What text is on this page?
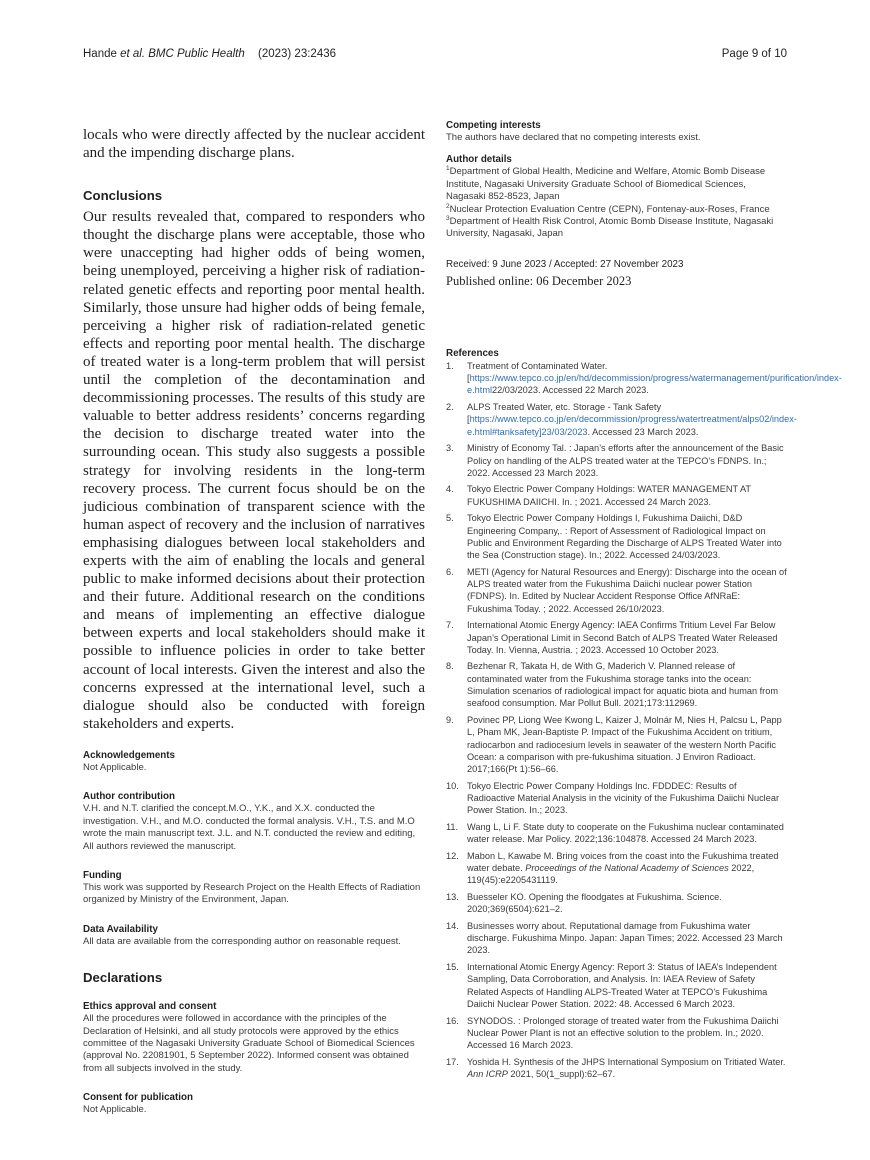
Hande et al. BMC Public Health (2023) 23:2436	Page 9 of 10

locals who were directly affected by the nuclear accident and the impending discharge plans.

Conclusions

Our results revealed that, compared to responders who thought the discharge plans were acceptable, those who were unaccepting had higher odds of being women, being unemployed, perceiving a higher risk of radiation-related genetic effects and reporting poor mental health. Similarly, those unsure had higher odds of being female, perceiving a higher risk of radiation-related genetic effects and reporting poor mental health. The discharge of treated water is a long-term problem that will persist until the completion of the decontamination and decommissioning processes. The results of this study are valuable to better address residents’ concerns regarding the decision to discharge treated water into the surrounding ocean. This study also suggests a possible strategy for involving residents in the long-term recovery process. The current focus should be on the judicious combination of transparent science with the human aspect of recovery and the inclusion of narratives emphasising dialogues between local stakeholders and experts with the aim of enabling the locals and general public to make informed decisions about their protection and their future. Additional research on the conditions and means of implementing an effective dialogue between experts and local stakeholders should make it possible to influence policies in order to take better account of local interests. Given the interest and also the concerns expressed at the international level, such a dialogue should also be conducted with foreign stakeholders and experts.

Acknowledgements
Not Applicable.
Author contribution
V.H. and N.T. clarified the concept.M.O., Y.K., and X.X. conducted the investigation. V.H., and M.O. conducted the formal analysis. V.H., T.S. and M.O wrote the main manuscript text. J.L. and N.T. conducted the review and editing, All authors reviewed the manuscript.
Funding
This work was supported by Research Project on the Health Effects of Radiation organized by Ministry of the Environment, Japan.
Data Availability
All data are available from the corresponding author on reasonable request.
Declarations
Ethics approval and consent
All the procedures were followed in accordance with the principles of the Declaration of Helsinki, and all study protocols were approved by the ethics committee of the Nagasaki University Graduate School of Biomedical Sciences (approval No. 22081901, 5 September 2022). Informed consent was obtained from all subjects involved in the study.
Consent for publication
Not Applicable.
Competing interests
The authors have declared that no competing interests exist.
Author details
$^1$Department of Global Health, Medicine and Welfare, Atomic Bomb Disease Institute, Nagasaki University Graduate School of Biomedical Sciences, Nagasaki 852-8523, Japan
$^2$Nuclear Protection Evaluation Centre (CEPN), Fontenay-aux-Roses, France
$^3$Department of Health Risk Control, Atomic Bomb Disease Institute, Nagasaki University, Nagasaki, Japan
Received: 9 June 2023 / Accepted: 27 November 2023
Published online: 06 December 2023
References
1. Treatment of Contaminated Water. [https://www.tepco.co.jp/en/hd/decommission/progress/watermanagement/purification/index-e.html22/03/2023. Accessed 22 March 2023.
2. ALPS Treated Water, etc. Storage - Tank Safety [https://www.tepco.co.jp/en/decommission/progress/watertreatment/alps02/index-e.html#tanksafety]23/03/2023. Accessed 23 March 2023.
3. Ministry of Economy Tal. : Japan’s efforts after the announcement of the Basic Policy on handling of the ALPS treated water at the TEPCO’s FDNPS. In.; 2022. Accessed 23 March 2023.
4. Tokyo Electric Power Company Holdings: WATER MANAGEMENT AT FUKUSHIMA DAIICHI. In. ; 2021. Accessed 24 March 2023.
5. Tokyo Electric Power Company Holdings I, Fukushima Daiichi, D&D Engineering Company,. : Report of Assessment of Radiological Impact on Public and Environment Regarding the Discharge of ALPS Treated Water into the Sea (Construction stage). In.; 2022. Accessed 24/03/2023.
6. METI (Agency for Natural Resources and Energy): Discharge into the ocean of ALPS treated water from the Fukushima Daiichi nuclear power Station (FDNPS). In. Edited by Nuclear Accident Response Office AfNRaE: Fukushima Today. ; 2022. Accessed 26/10/2023.
7. International Atomic Energy Agency: IAEA Confirms Tritium Level Far Below Japan’s Operational Limit in Second Batch of ALPS Treated Water Released Today. In. Vienna, Austria. ; 2023. Accessed 10 October 2023.
8. Bezhenar R, Takata H, de With G, Maderich V. Planned release of contaminated water from the Fukushima storage tanks into the ocean: Simulation scenarios of radiological impact for aquatic biota and human from seafood consumption. Mar Pollut Bull. 2021;173:112969.
9. Povinec PP, Liong Wee Kwong L, Kaizer J, Molnár M, Nies H, Palcsu L, Papp L, Pham MK, Jean-Baptiste P. Impact of the Fukushima Accident on tritium, radiocarbon and radiocesium levels in seawater of the western North Pacific Ocean: a comparison with pre-fukushima situation. J Environ Radioact. 2017;166(Pt 1):56–66.
10. Tokyo Electric Power Company Holdings Inc. FDDDEC: Results of Radioactive Material Analysis in the vicinity of the Fukushima Daiichi Nuclear Power Station. In.; 2023.
11. Wang L, Li F. State duty to cooperate on the Fukushima nuclear contaminated water release. Mar Policy. 2022;136:104878. Accessed 24 March 2023.
12. Mabon L, Kawabe M. Bring voices from the coast into the Fukushima treated water debate. Proceedings of the National Academy of Sciences 2022, 119(45):e2205431119.
13. Buesseler KO. Opening the floodgates at Fukushima. Science. 2020;369(6504):621–2.
14. Businesses worry about. Reputational damage from Fukushima water discharge. Fukushima Minpo. Japan: Japan Times; 2022. Accessed 23 March 2023.
15. International Atomic Energy Agency: Report 3: Status of IAEA’s Independent Sampling, Data Corroboration, and Analysis. In: IAEA Review of Safety Related Aspects of Handling ALPS-Treated Water at TEPCO’s Fukushima Daiichi Nuclear Power Station. 2022: 48. Accessed 6 March 2023.
16. SYNODOS. : Prolonged storage of treated water from the Fukushima Daiichi Nuclear Power Plant is not an effective solution to the problem. In.; 2020. Accessed 16 March 2023.
17. Yoshida H. Synthesis of the JHPS International Symposium on Tritiated Water. Ann ICRP 2021, 50(1_suppl):62–67.
